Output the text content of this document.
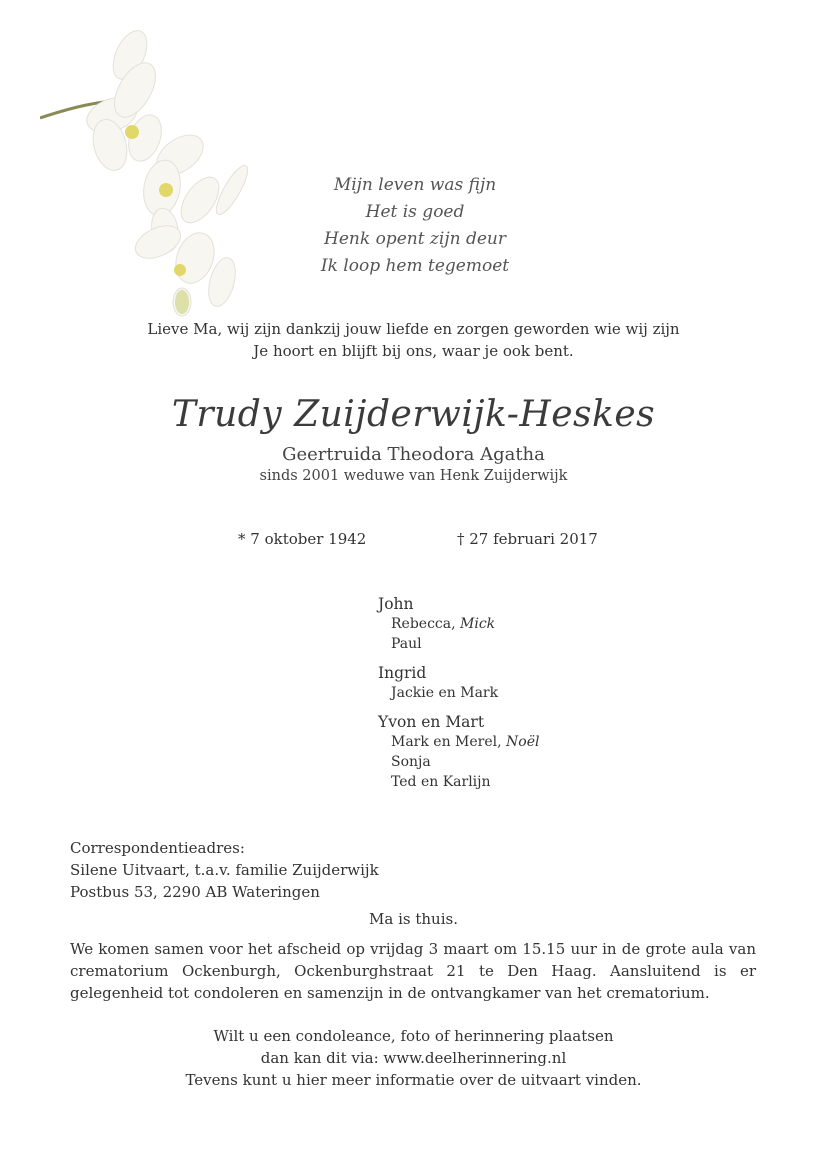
Mijn leven was fijn
Het is goed
Henk opent zijn deur
Ik loop hem tegemoet
Lieve Ma, wij zijn dankzij jouw liefde en zorgen geworden wie wij zijn
Je hoort en blijft bij ons, waar je ook bent.
Trudy Zuijderwijk-Heskes
Geertruida Theodora Agatha
sinds 2001 weduwe van Henk Zuijderwijk
* 7 oktober 1942	† 27 februari 2017
John
Rebecca, Mick
Paul
Ingrid
Jackie en Mark
Yvon en Mart
Mark en Merel, Noël
Sonja
Ted en Karlijn
Correspondentieadres:
Silene Uitvaart, t.a.v. familie Zuijderwijk
Postbus 53, 2290 AB Wateringen
Ma is thuis.
We komen samen voor het afscheid op vrijdag 3 maart om 15.15 uur in de grote aula van crematorium Ockenburgh, Ockenburghstraat 21 te Den Haag. Aansluitend is er gelegenheid tot condoleren en samenzijn in de ontvangkamer van het crematorium.
Wilt u een condoleance, foto of herinnering plaatsen
dan kan dit via: www.deelherinnering.nl
Tevens kunt u hier meer informatie over de uitvaart vinden.
